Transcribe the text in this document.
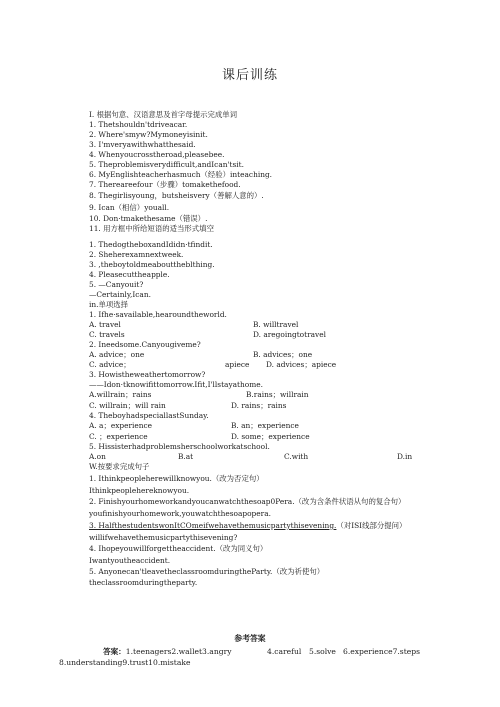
课后训练
I. 根据句意、汉语意思及首字母提示完成单词
1. Thetshouldn'tdriveacar.
2. Where'smyw?Mymoneyisinit.
3. I'mveryawithwhatthesaid.
4. Whenyoucrosstheroad,pleasebee.
5. Theproblemisverydifficult,andIcan'tsit.
6. MyEnglishteacherhasmuch（经验）inteaching.
7. Thereareefour（步骤）tomakethefood.
8. Thegirlisyoung，butsheisvery（善解人意的）.
9. Ican（相信）youall.
10. Don·tmakethesame（错误）.
11. 用方框中所给短语的适当形式填空
1. ThedogtheboxandIdidn·tfindit.
2. Sheherexamnextweek.
3. ,theboytoldmeabouttheblthing.
4. Pleasecuttheapple.
5. —Canyouit?
—Certainly,Ican.
in.单项选择
1. Ifhe·savailable,hearoundtheworld.
A. travel	B. willtravel
C. travels	D. aregoingtotravel
2. Ineedsome.Canyougiveme?
A. advice；one	B. advices；one
C. advice；	apiece D. advices；apiece
3. Howistheweathertomorrow?
——Idon·tknowifittomorrow.Ifit,I'llstayathome.
A.willrain；rains	B.rains；willrain
C. willrain；will rain	D. rains；rains
4. TheboyhadspeciallastSunday.
A. a；experience	B. an；experience
C. ；experience	D. some；experience
5. Hissisterhadproblemsherschoolworkatschool.
A.on	B.at	C.with	D.in
W.按要求完成句子
1. Ithinkpeopleherewillknowyou.（改为否定句）
Ithinkpeoplehereknowyou.
2. Finishyourhomeworkandyoucanwatchthesoap0Pera.（改为含条件状语从句的复合句）
youfinishyourhomework,youwatchthesoapopera.
3. HalfthestudentswonItCOmeifwehavethemusicpartythisevening.（对ISI线部分提问）
willifwehavethemusicpartythisevening?
4. Ihopeyouwillforgettheaccident.（改为同义句）
Iwantyoutheaccident.
5. Anyonecan'tleavetheclassroomduringtheParty.（改为祈使句）
theclassroomduringtheparty.
参考答案
答案：1.teenagers2.wallet3.angry	4.careful 5.solve 6.experience7.steps
8.understanding9.trust10.mistake
